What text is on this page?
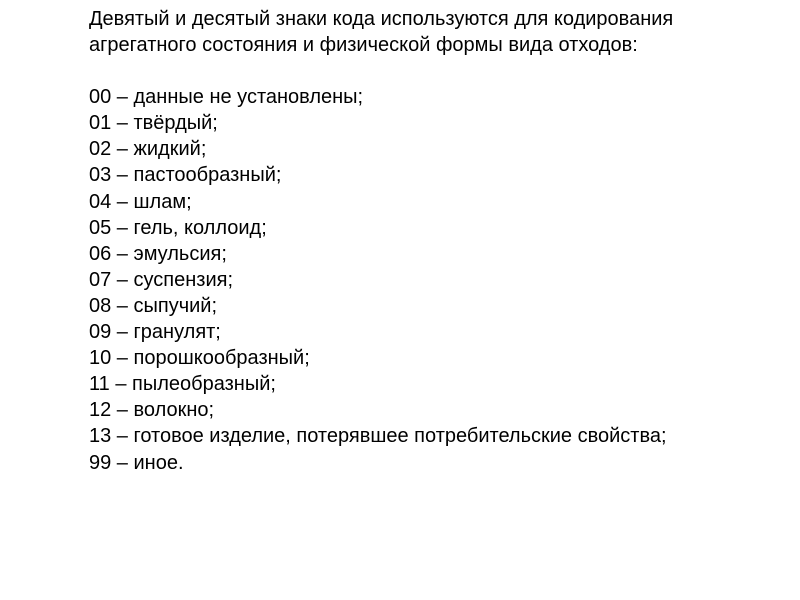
Девятый и десятый знаки кода используются для кодирования агрегатного состояния и физической формы вида отходов:

00 – данные не установлены;
01 – твёрдый;
02 – жидкий;
03 – пастообразный;
04 – шлам;
05 – гель, коллоид;
06 – эмульсия;
07 – суспензия;
08 – сыпучий;
09 – гранулят;
10 – порошкообразный;
11 – пылеобразный;
12 – волокно;
13 – готовое изделие, потерявшее потребительские свойства;
99 – иное.
